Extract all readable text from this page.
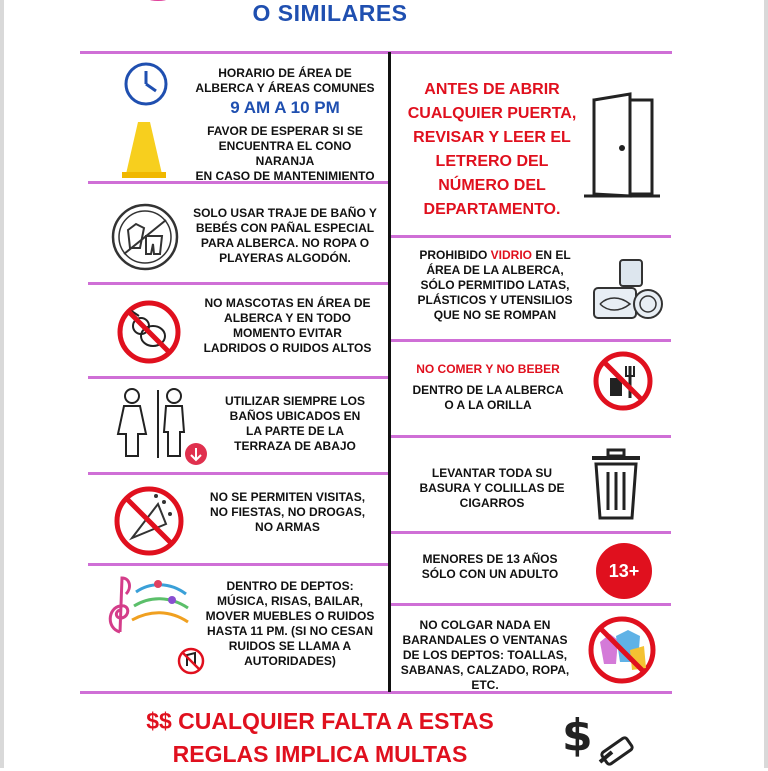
O SIMILARES
HORARIO DE ÁREA DE
ALBERCA Y ÁREAS COMUNES
9 AM A 10 PM
FAVOR DE ESPERAR SI SE
ENCUENTRA EL CONO NARANJA
EN CASO DE MANTENIMIENTO
SOLO USAR TRAJE DE BAÑO Y
BEBÉS CON PAÑAL ESPECIAL
PARA ALBERCA. NO ROPA O
PLAYERAS ALGODÓN.
NO MASCOTAS EN ÁREA DE
ALBERCA Y EN TODO
MOMENTO EVITAR
LADRIDOS O RUIDOS ALTOS
UTILIZAR SIEMPRE LOS
BAÑOS UBICADOS EN
LA PARTE DE LA
TERRAZA DE ABAJO
NO SE PERMITEN VISITAS,
NO FIESTAS, NO DROGAS,
NO ARMAS
DENTRO DE DEPTOS:
MÚSICA, RISAS, BAILAR,
MOVER MUEBLES O RUIDOS
HASTA 11 PM. (SI NO CESAN
RUIDOS SE LLAMA A
AUTORIDADES)
ANTES DE ABRIR
CUALQUIER PUERTA,
REVISAR Y LEER EL
LETRERO DEL
NÚMERO DEL
DEPARTAMENTO.
PROHIBIDO VIDRIO EN EL
ÁREA DE LA ALBERCA,
SÓLO PERMITIDO LATAS,
PLÁSTICOS Y UTENSILIOS
QUE NO SE ROMPAN
NO COMER Y NO BEBER
DENTRO DE LA ALBERCA
O A LA ORILLA
LEVANTAR TODA SU
BASURA Y COLILLAS DE
CIGARROS
MENORES DE 13 AÑOS
SÓLO CON UN ADULTO	13+
NO COLGAR NADA EN
BARANDALES O VENTANAS
DE LOS DEPTOS: TOALLAS,
SABANAS, CALZADO, ROPA,
ETC.
$$ CUALQUIER FALTA A ESTAS
REGLAS IMPLICA MULTAS	$
